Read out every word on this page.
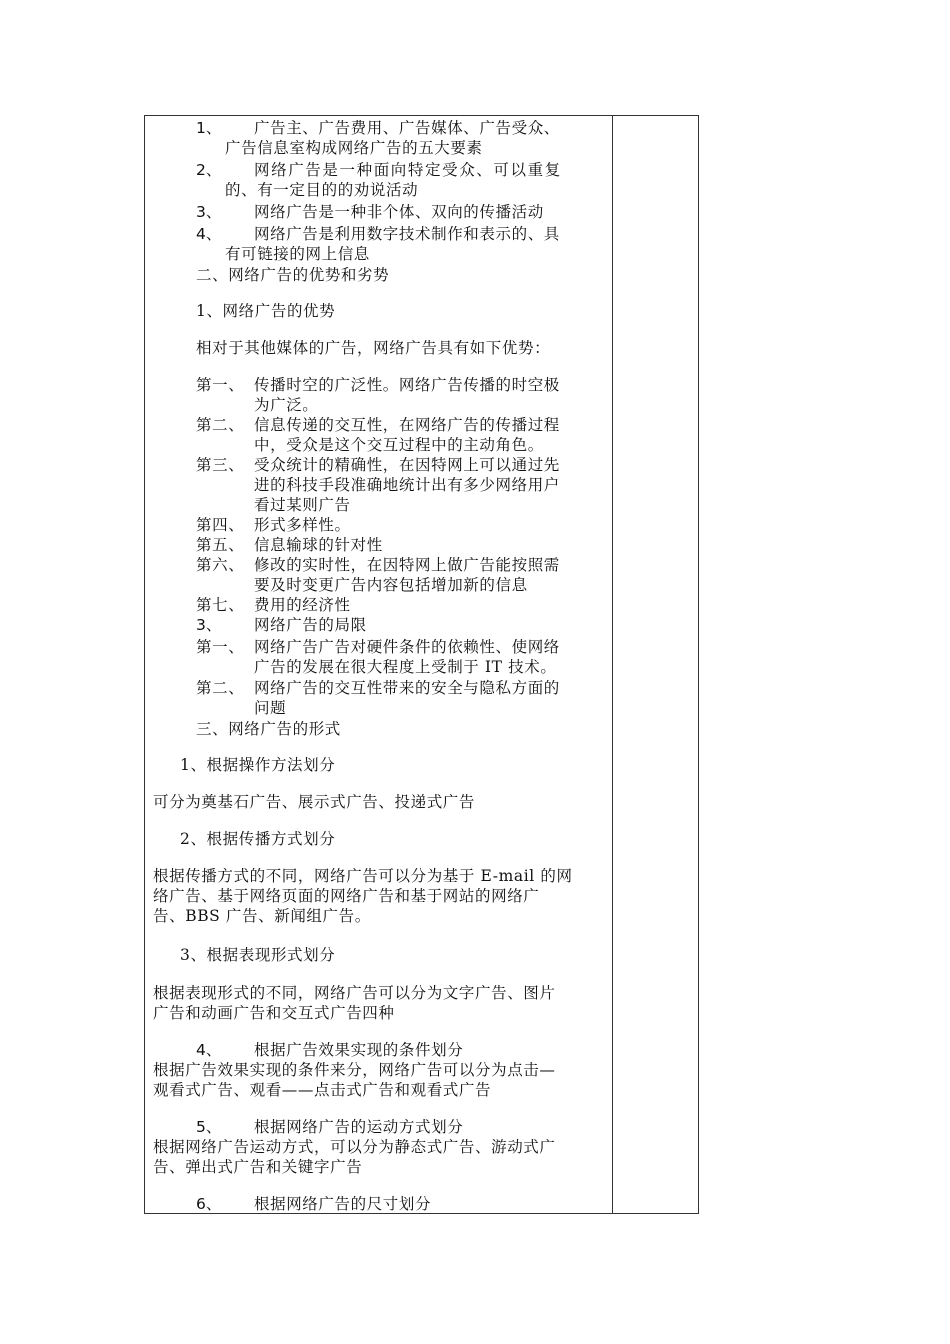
1、 广告主、广告费用、广告媒体、广告受众、
广告信息室构成网络广告的五大要素
2、 网络广告是一种面向特定受众、可以重复
的、有一定目的的劝说活动
3、 网络广告是一种非个体、双向的传播活动
4、 网络广告是利用数字技术制作和表示的、具
有可链接的网上信息
二、网络广告的优势和劣势
1、网络广告的优势
相对于其他媒体的广告，网络广告具有如下优势：
第一、 传播时空的广泛性。网络广告传播的时空极
为广泛。
第二、 信息传递的交互性，在网络广告的传播过程
中，受众是这个交互过程中的主动角色。
第三、 受众统计的精确性，在因特网上可以通过先
进的科技手段准确地统计出有多少网络用户
看过某则广告
第四、 形式多样性。
第五、 信息输球的针对性
第六、 修改的实时性，在因特网上做广告能按照需
要及时变更广告内容包括增加新的信息
第七、 费用的经济性
3、 网络广告的局限
第一、 网络广告广告对硬件条件的依赖性、使网络
广告的发展在很大程度上受制于 IT 技术。
第二、 网络广告的交互性带来的安全与隐私方面的
问题
三、网络广告的形式
1、根据操作方法划分
可分为奠基石广告、展示式广告、投递式广告
2、根据传播方式划分
根据传播方式的不同，网络广告可以分为基于 E-mail 的网
络广告、基于网络页面的网络广告和基于网站的网络广
告、BBS 广告、新闻组广告。
3、根据表现形式划分
根据表现形式的不同，网络广告可以分为文字广告、图片
广告和动画广告和交互式广告四种
4、 根据广告效果实现的条件划分
根据广告效果实现的条件来分，网络广告可以分为点击—
观看式广告、观看——点击式广告和观看式广告
5、 根据网络广告的运动方式划分
根据网络广告运动方式，可以分为静态式广告、游动式广
告、弹出式广告和关键字广告
6、 根据网络广告的尺寸划分
